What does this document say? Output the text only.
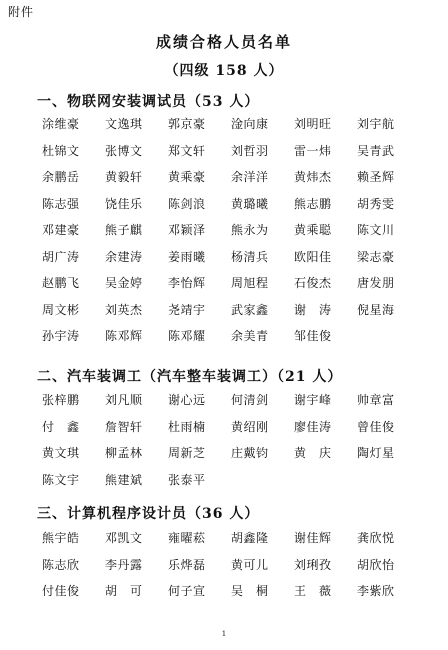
附件
成绩合格人员名单
（四级 158 人）
一、物联网安装调试员（53 人）
涂维豪	文逸琪	郭京豪	淦向康	刘明旺	刘宇航
杜锦文	张博文	郑文轩	刘哲羽	雷一炜	吴青武
余鹏岳	黄毅轩	黄乘豪	余洋洋	黄炜杰	赖圣辉
陈志强	饶佳乐	陈剑浪	黄璐曦	熊志鹏	胡秀雯
邓建豪	熊子麒	邓颖泽	熊永为	黄乘聪	陈文川
胡广涛	余建涛	姜雨曦	杨清兵	欧阳佳	梁志豪
赵鹏飞	吴金婷	李怡辉	周旭程	石俊杰	唐发朋
周文彬	刘英杰	尧靖宇	武家鑫	谢　涛	倪星海
孙宇涛	陈邓辉	陈邓耀	余美青	邹佳俊
二、汽车装调工（汽车整车装调工）（21 人）
张梓鹏	刘凡顺	谢心远	何清剑	谢宇峰	帅章富
付　鑫	詹智轩	杜雨楠	黄绍刚	廖佳涛	曾佳俊
黄文琪	柳孟林	周新芝	庄戴钧	黄　庆	陶灯星
陈文宇	熊建斌	张泰平
三、计算机程序设计员（36 人）
熊宇皓	邓凯文	雍曜菘	胡鑫隆	谢佳辉	龚欣悦
陈志欣	李丹露	乐烨磊	黄可儿	刘琍孜	胡欣怡
付佳俊	胡　可	何子宣	吴　桐	王　薇	李紫欣
1
